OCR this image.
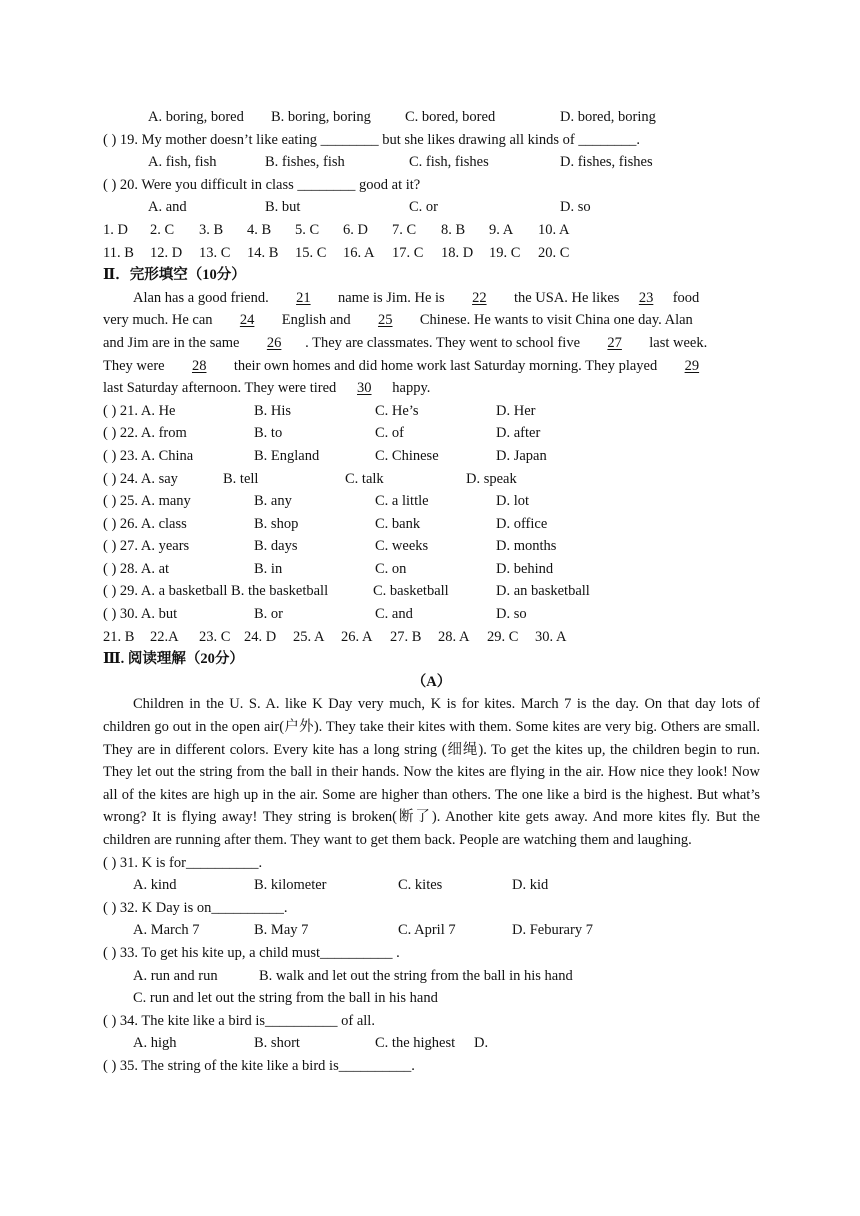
A. boring, bored B. boring, boring C. bored, bored	D. bored, boring
( ) 19. My mother doesn’t like eating ________ but she likes drawing all kinds of ________.
A. fish, fish	B. fishes, fish	C. fish, fishes	D. fishes, fishes
( ) 20. Were you difficult in class ________ good at it?
A. and	B. but	C. or	D. so
1. D 2. C 3. B 4. B 5. C 6. D 7. C 8. B 9. A 10. A
11. B 12. D 13. C 14. B 15. C 16. A 17. C 18. D 19. C 20. C
Ⅱ．完形填空（10分）
Alan has a good friend. 21 name is Jim. He is 22 the USA. He likes 23 food
very much. He can 24 English and 25 Chinese. He wants to visit China one day. Alan
and Jim are in the same 26 . They are classmates. They went to school five 27 last week.
They were 28 their own homes and did home work last Saturday morning. They played 29
last Saturday afternoon. They were tired 30 happy.
( ) 21. A. He	B. His	C. He’s	D. Her
( ) 22. A. from	B. to	C. of	D. after
( ) 23. A. China	B. England	C. Chinese	D. Japan
( ) 24. A. say	B. tell	C. talk	D. speak
( ) 25. A. many	B. any	C. a little	D. lot
( ) 26. A. class	B. shop	C. bank	D. office
( ) 27. A. years	B. days	C. weeks	D. months
( ) 28. A. at	B. in	C. on	D. behind
( ) 29. A. a basketball B. the basketball	C. basketball	D. an basketball
( ) 30. A. but	B. or	C. and	D. so
21. B 22.A 23. C 24. D 25. A 26. A 27. B 28. A 29. C 30. A
Ⅲ. 阅读理解（20分）
（A）
Children in the U. S. A. like K Day very much, K is for kites. March 7 is the day. On that day lots of children go out in the open air(户外). They take their kites with them. Some kites are very big. Others are small. They are in different colors. Every kite has a long string (细绳). To get the kites up, the children begin to run. They let out the string from the ball in their hands. Now the kites are flying in the air. How nice they look! Now all of the kites are high up in the air. Some are higher than others. The one like a bird is the highest. But what’s wrong? It is flying away! They string is broken(断了). Another kite gets away. And more kites fly. But the children are running after them. They want to get them back. People are watching them and laughing.
( ) 31. K is for__________.
A. kind	B. kilometer	C. kites	D. kid
( ) 32. K Day is on__________.
A. March 7	B. May 7	C. April 7	D. Feburary 7
( ) 33. To get his kite up, a child must__________ .
A. run and run	B. walk and let out the string from the ball in his hand
C. run and let out the string from the ball in his hand
( ) 34. The kite like a bird is__________ of all.
A. high	B. short	C. the highest D.
( ) 35. The string of the kite like a bird is__________.
